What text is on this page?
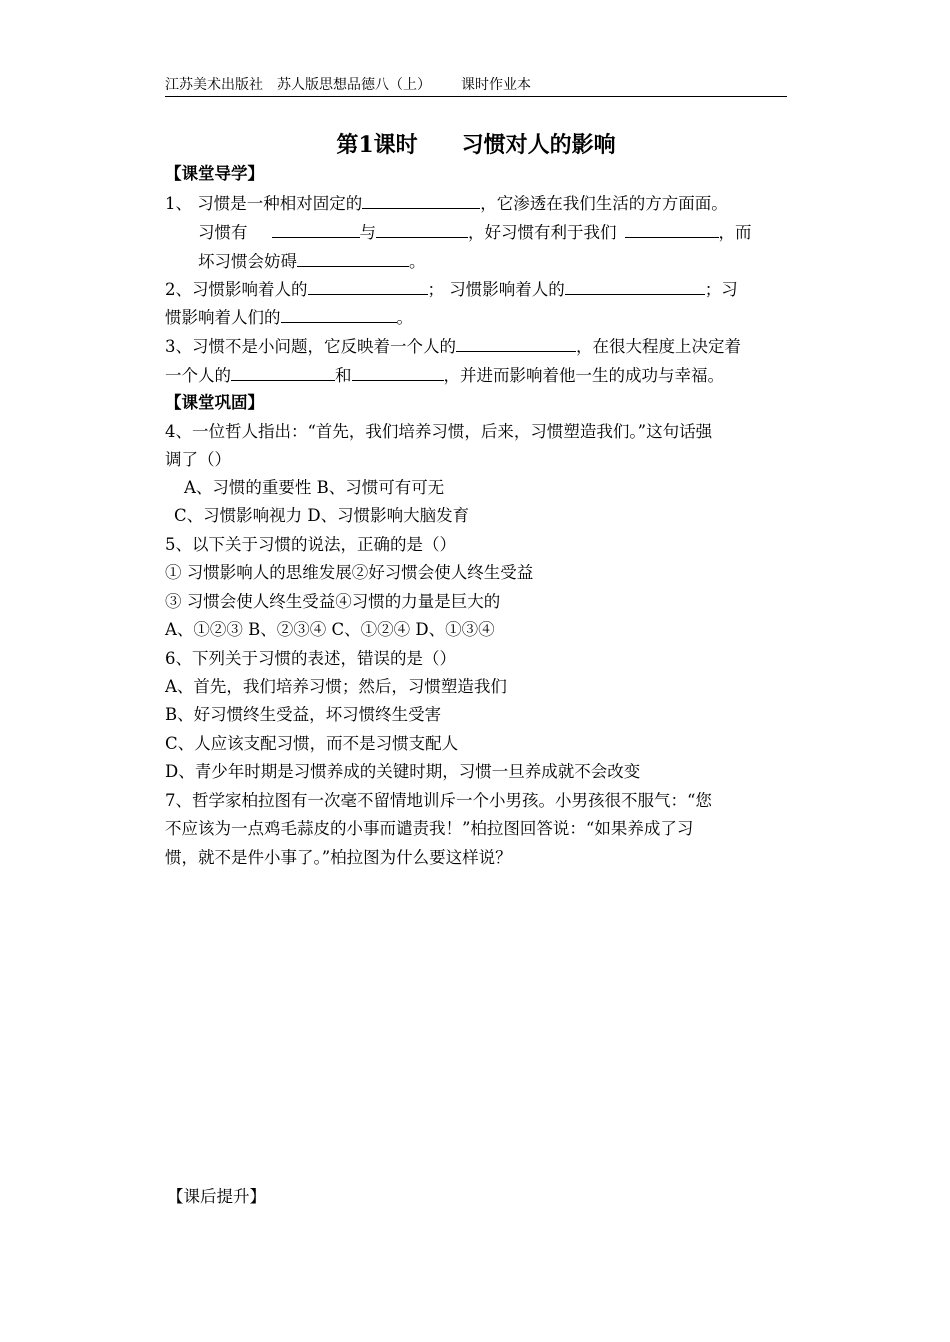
江苏美术出版社 苏人版思想品德八（上） 课时作业本
第1课时 习惯对人的影响
【课堂导学】
1、 习惯是一种相对固定的	，它渗透在我们生活的方方面面。
习惯有	与	，好习惯有利于我们	，而
坏习惯会妨碍	。
2、习惯影响着人的	； 习惯影响着人的	；习
惯影响着人们的	。
3、习惯不是小问题，它反映着一个人的	，在很大程度上决定着
一个人的	和	，并进而影响着他一生的成功与幸福。
【课堂巩固】
4、一位哲人指出：“首先，我们培养习惯，后来，习惯塑造我们。”这句话强
调了（）
A、习惯的重要性 B、习惯可有可无
C、习惯影响视力 D、习惯影响大脑发育
5、以下关于习惯的说法，正确的是（）
① 习惯影响人的思维发展②好习惯会使人终生受益
③ 习惯会使人终生受益④习惯的力量是巨大的
A、①②③ B、②③④ C、①②④ D、①③④
6、下列关于习惯的表述，错误的是（）
A、首先，我们培养习惯；然后，习惯塑造我们
B、好习惯终生受益，坏习惯终生受害
C、人应该支配习惯，而不是习惯支配人
D、青少年时期是习惯养成的关键时期，习惯一旦养成就不会改变
7、哲学家柏拉图有一次毫不留情地训斥一个小男孩。小男孩很不服气：“您
不应该为一点鸡毛蒜皮的小事而谴责我！”柏拉图回答说：“如果养成了习
惯，就不是件小事了。”柏拉图为什么要这样说？
【课后提升】
